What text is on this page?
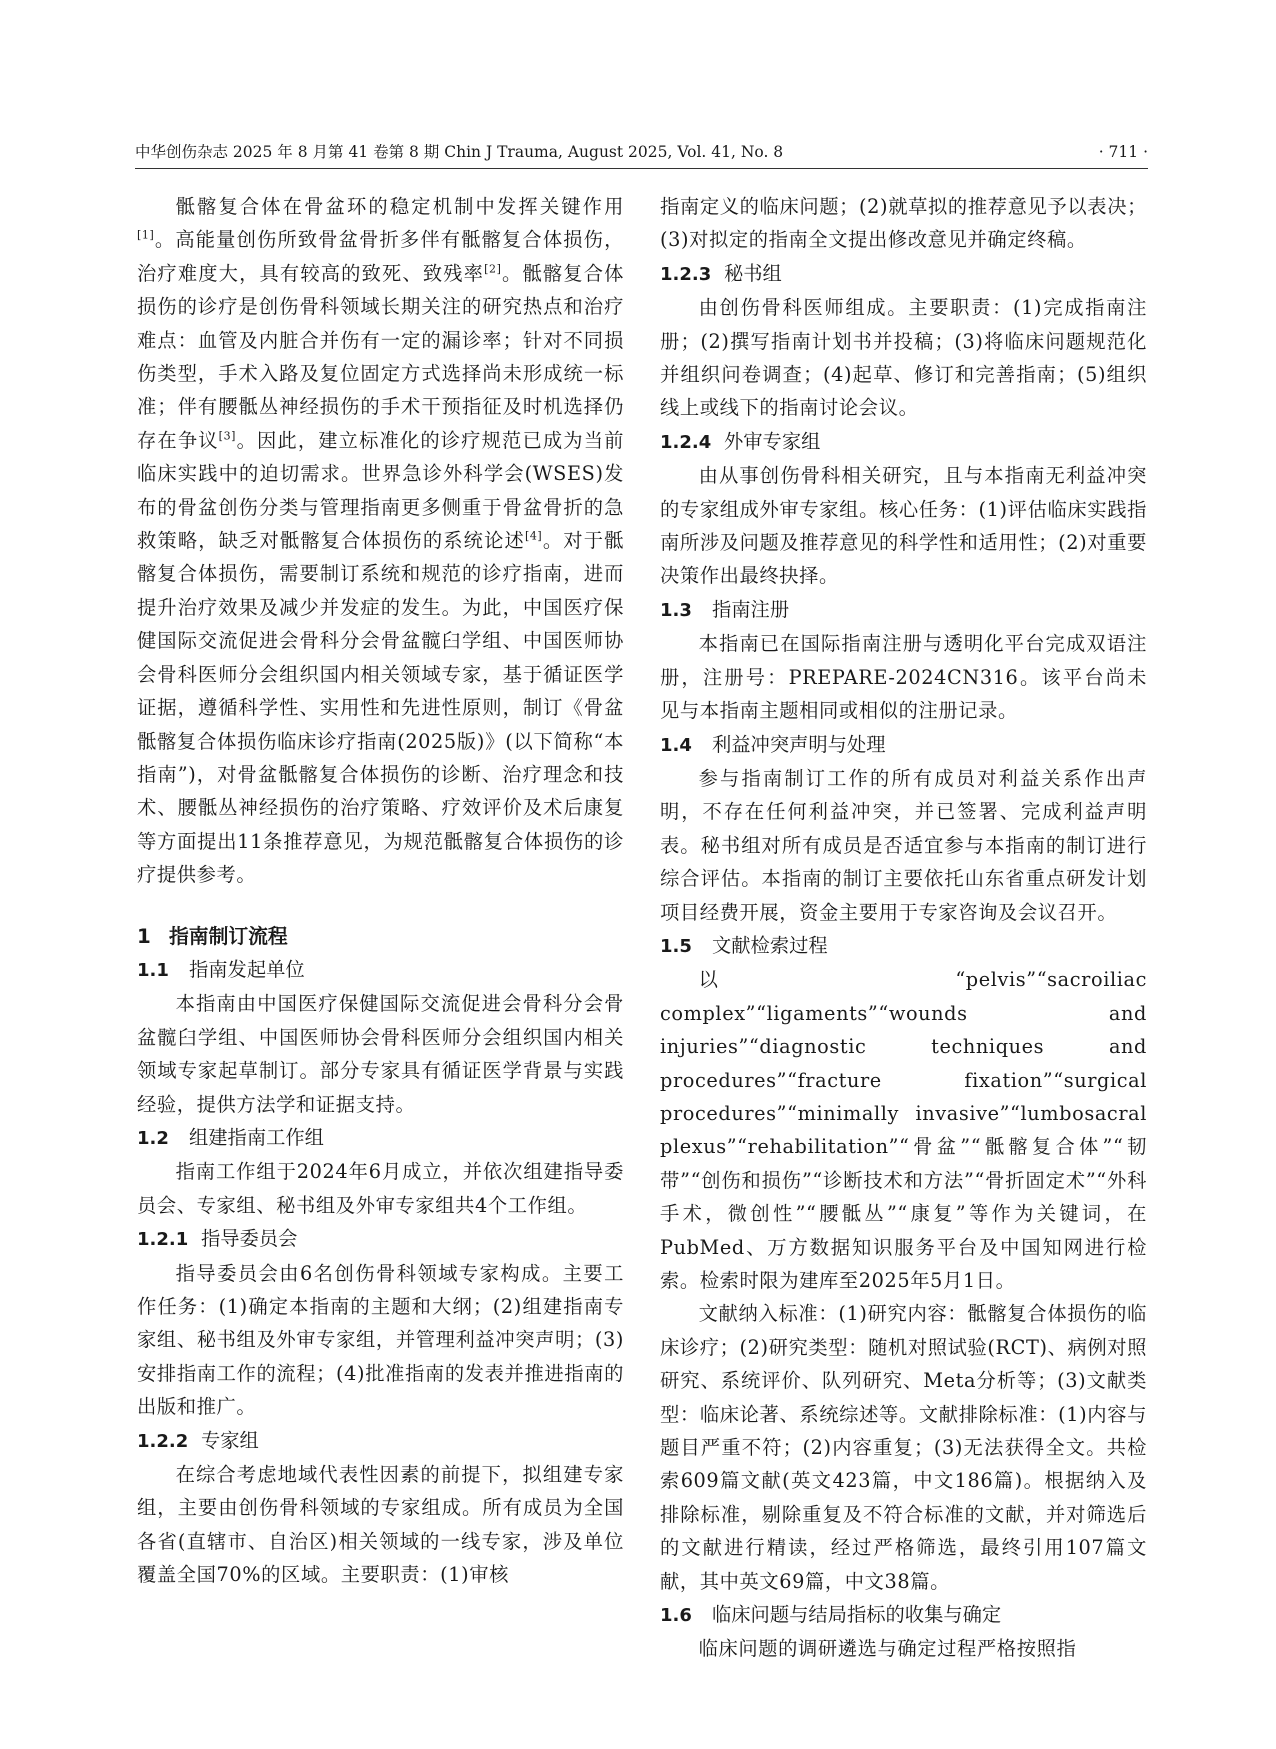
中华创伤杂志 2025 年 8 月第 41 卷第 8 期 Chin J Trauma, August 2025, Vol. 41, No. 8	· 711 ·

骶髂复合体在骨盆环的稳定机制中发挥关键作用[1]。高能量创伤所致骨盆骨折多伴有骶髂复合体损伤，治疗难度大，具有较高的致死、致残率[2]。骶髂复合体损伤的诊疗是创伤骨科领域长期关注的研究热点和治疗难点：血管及内脏合并伤有一定的漏诊率；针对不同损伤类型，手术入路及复位固定方式选择尚未形成统一标准；伴有腰骶丛神经损伤的手术干预指征及时机选择仍存在争议[3]。因此，建立标准化的诊疗规范已成为当前临床实践中的迫切需求。世界急诊外科学会(WSES)发布的骨盆创伤分类与管理指南更多侧重于骨盆骨折的急救策略，缺乏对骶髂复合体损伤的系统论述[4]。对于骶髂复合体损伤，需要制订系统和规范的诊疗指南，进而提升治疗效果及减少并发症的发生。为此，中国医疗保健国际交流促进会骨科分会骨盆髋臼学组、中国医师协会骨科医师分会组织国内相关领域专家，基于循证医学证据，遵循科学性、实用性和先进性原则，制订《骨盆骶髂复合体损伤临床诊疗指南(2025版)》(以下简称“本指南”)，对骨盆骶髂复合体损伤的诊断、治疗理念和技术、腰骶丛神经损伤的治疗策略、疗效评价及术后康复等方面提出11条推荐意见，为规范骶髂复合体损伤的诊疗提供参考。

1 指南制订流程
1.1 指南发起单位

本指南由中国医疗保健国际交流促进会骨科分会骨盆髋臼学组、中国医师协会骨科医师分会组织国内相关领域专家起草制订。部分专家具有循证医学背景与实践经验，提供方法学和证据支持。

1.2 组建指南工作组

指南工作组于2024年6月成立，并依次组建指导委员会、专家组、秘书组及外审专家组共4个工作组。

1.2.1 指导委员会

指导委员会由6名创伤骨科领域专家构成。主要工作任务：(1)确定本指南的主题和大纲；(2)组建指南专家组、秘书组及外审专家组，并管理利益冲突声明；(3)安排指南工作的流程；(4)批准指南的发表并推进指南的出版和推广。

1.2.2 专家组

在综合考虑地域代表性因素的前提下，拟组建专家组，主要由创伤骨科领域的专家组成。所有成员为全国各省(直辖市、自治区)相关领域的一线专家，涉及单位覆盖全国70%的区域。主要职责：(1)审核

指南定义的临床问题；(2)就草拟的推荐意见予以表决；(3)对拟定的指南全文提出修改意见并确定终稿。

1.2.3 秘书组

由创伤骨科医师组成。主要职责：(1)完成指南注册；(2)撰写指南计划书并投稿；(3)将临床问题规范化并组织问卷调查；(4)起草、修订和完善指南；(5)组织线上或线下的指南讨论会议。

1.2.4 外审专家组

由从事创伤骨科相关研究，且与本指南无利益冲突的专家组成外审专家组。核心任务：(1)评估临床实践指南所涉及问题及推荐意见的科学性和适用性；(2)对重要决策作出最终抉择。

1.3 指南注册

本指南已在国际指南注册与透明化平台完成双语注册，注册号：PREPARE-2024CN316。该平台尚未见与本指南主题相同或相似的注册记录。

1.4 利益冲突声明与处理

参与指南制订工作的所有成员对利益关系作出声明，不存在任何利益冲突，并已签署、完成利益声明表。秘书组对所有成员是否适宜参与本指南的制订进行综合评估。本指南的制订主要依托山东省重点研发计划项目经费开展，资金主要用于专家咨询及会议召开。

1.5 文献检索过程

以“pelvis”“sacroiliac complex”“ligaments”“wounds and injuries”“diagnostic techniques and procedures”“fracture fixation”“surgical procedures”“minimally invasive”“lumbosacral plexus”“rehabilitation”“骨盆”“骶髂复合体”“韧带”“创伤和损伤”“诊断技术和方法”“骨折固定术”“外科手术，微创性”“腰骶丛”“康复”等作为关键词，在PubMed、万方数据知识服务平台及中国知网进行检索。检索时限为建库至2025年5月1日。

文献纳入标准：(1)研究内容：骶髂复合体损伤的临床诊疗；(2)研究类型：随机对照试验(RCT)、病例对照研究、系统评价、队列研究、Meta分析等；(3)文献类型：临床论著、系统综述等。文献排除标准：(1)内容与题目严重不符；(2)内容重复；(3)无法获得全文。共检索609篇文献(英文423篇，中文186篇)。根据纳入及排除标准，剔除重复及不符合标准的文献，并对筛选后的文献进行精读，经过严格筛选，最终引用107篇文献，其中英文69篇，中文38篇。

1.6 临床问题与结局指标的收集与确定

临床问题的调研遴选与确定过程严格按照指
